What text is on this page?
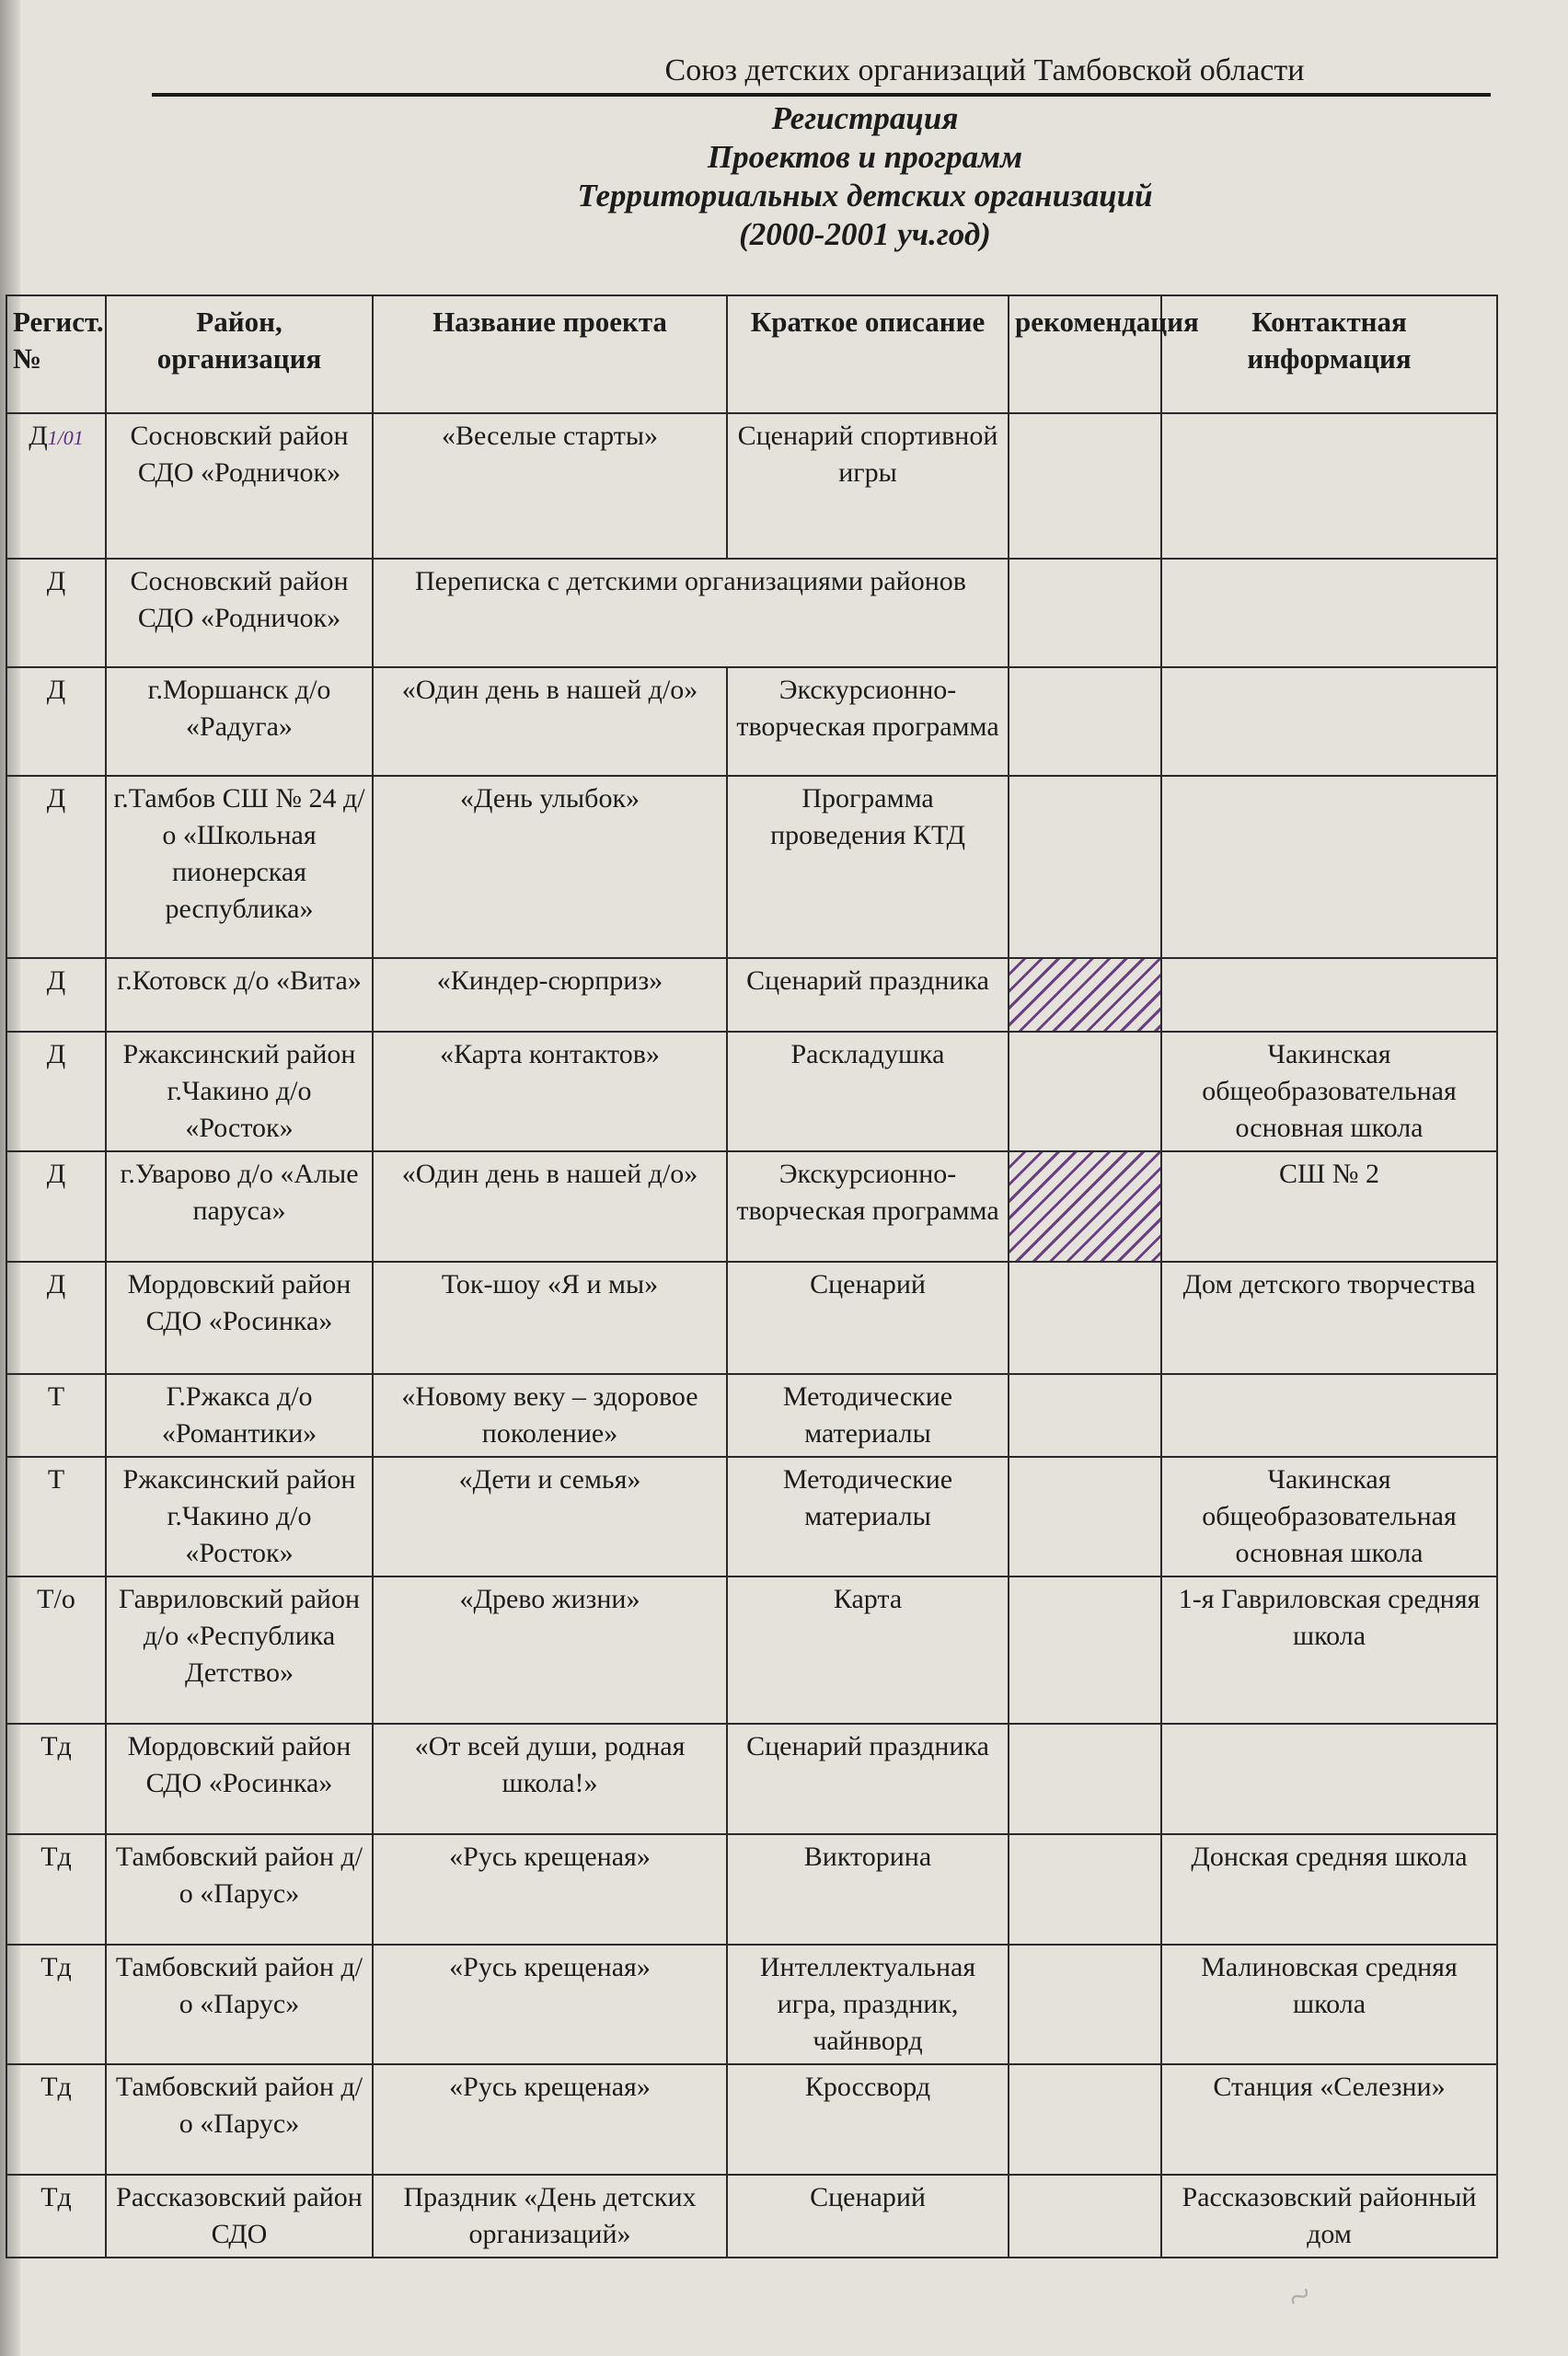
Союз детских организаций Тамбовской области
Регистрация
Проектов и программ
Территориальных детских организаций
(2000-2001 уч.год)
Регист. №	Район, организация	Название проекта	Краткое описание	рекомендация	Контактная информация
Д1/01	Сосновский район СДО «Родничок»	«Веселые старты»	Сценарий спортивной игры		
Д	Сосновский район СДО «Родничок»	Переписка с детскими организациями районов			
Д	г.Моршанск д/о «Радуга»	«Один день в нашей д/о»	Экскурсионно-творческая программа		
Д	г.Тамбов СШ № 24 д/о «Школьная пионерская республика»	«День улыбок»	Программа проведения КТД		
Д	г.Котовск д/о «Вита»	«Киндер-сюрприз»	Сценарий праздника		
Д	Ржаксинский район г.Чакино д/о «Росток»	«Карта контактов»	Раскладушка		Чакинская общеобразовательная основная школа
Д	г.Уварово д/о «Алые паруса»	«Один день в нашей д/о»	Экскурсионно-творческая программа		СШ № 2
Д	Мордовский район СДО «Росинка»	Ток-шоу «Я и мы»	Сценарий		Дом детского творчества
Т	Г.Ржакса д/о «Романтики»	«Новому веку – здоровое поколение»	Методические материалы		
Т	Ржаксинский район г.Чакино д/о «Росток»	«Дети и семья»	Методические материалы		Чакинская общеобразовательная основная школа
Т/о	Гавриловский район д/о «Республика Детство»	«Древо жизни»	Карта		1-я Гавриловская средняя школа
Тд	Мордовский район СДО «Росинка»	«От всей души, родная школа!»	Сценарий праздника		
Тд	Тамбовский район д/о «Парус»	«Русь крещеная»	Викторина		Донская средняя школа
Тд	Тамбовский район д/о «Парус»	«Русь крещеная»	Интеллектуальная игра, праздник, чайнворд		Малиновская средняя школа
Тд	Тамбовский район д/о «Парус»	«Русь крещеная»	Кроссворд		Станция «Селезни»
Тд	Рассказовский район СДО	Праздник «День детских организаций»	Сценарий		Рассказовский районный дом
~
